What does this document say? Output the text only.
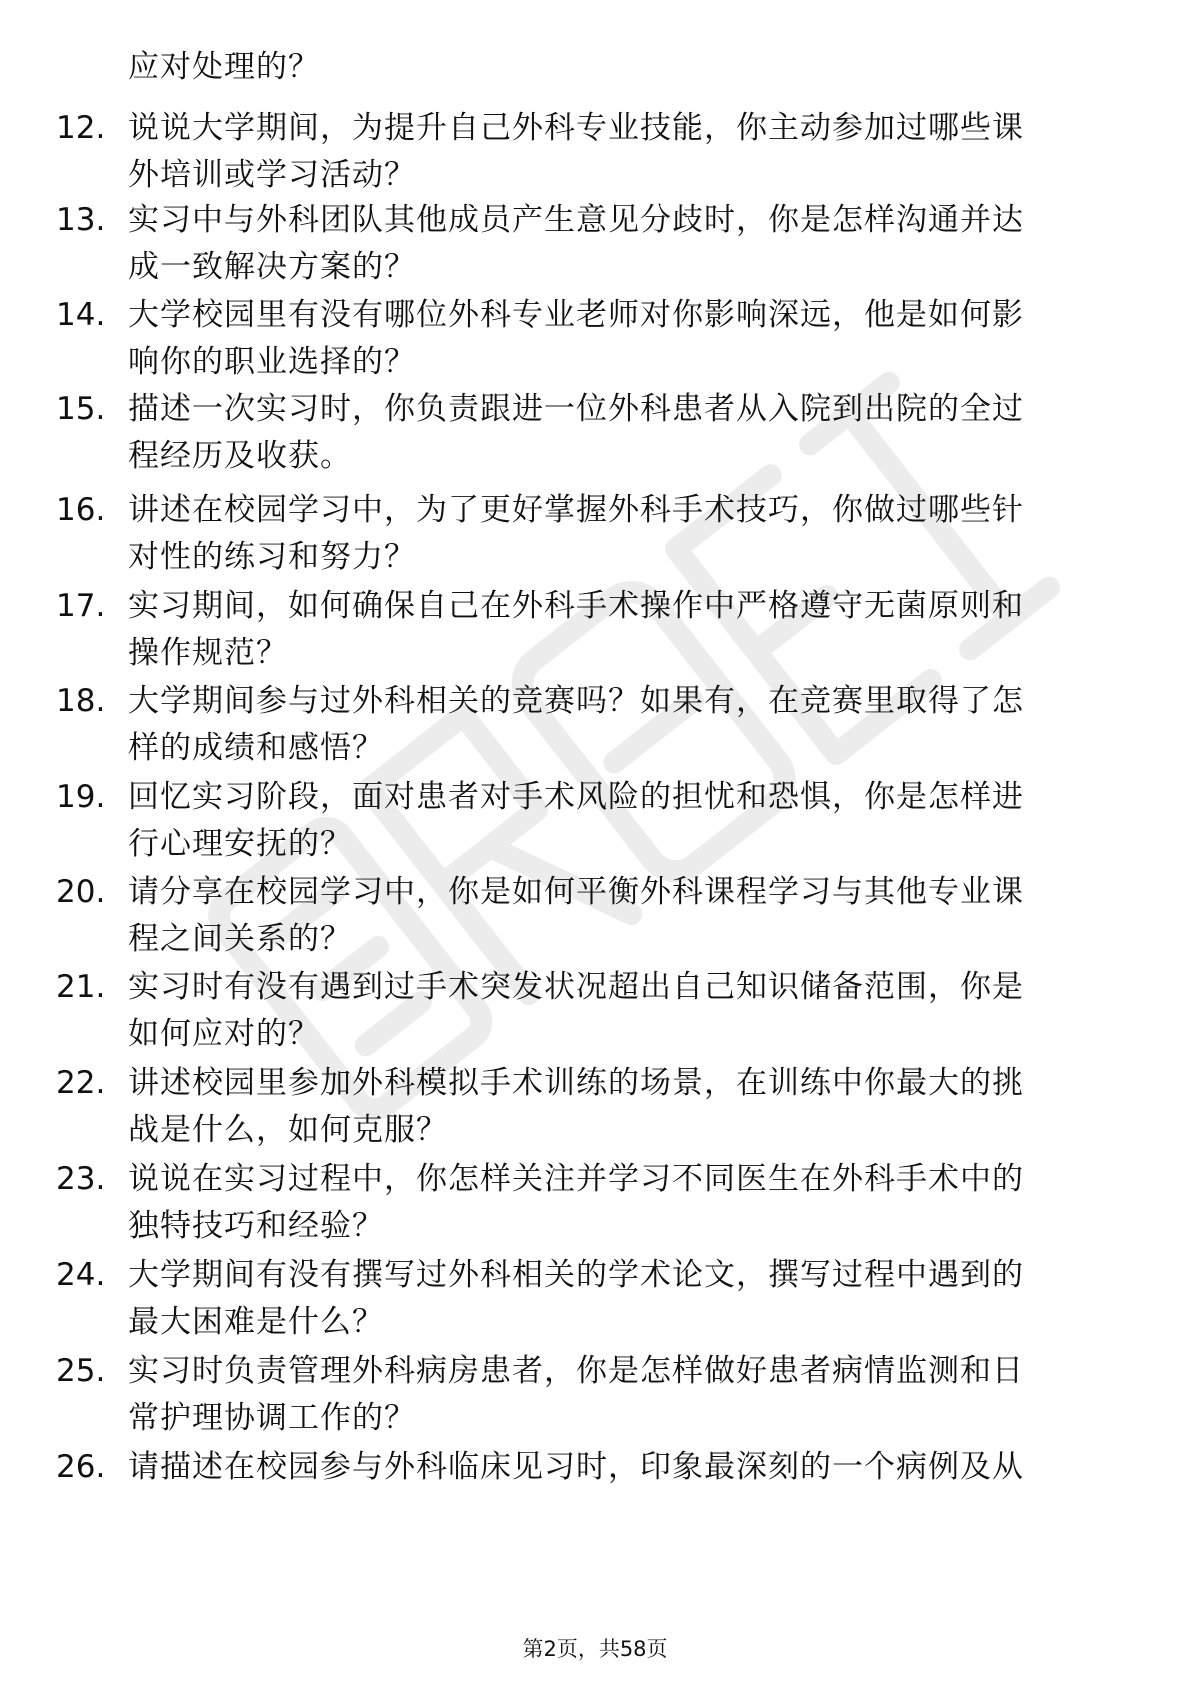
应对处理的？
12. 说说大学期间，为提升自己外科专业技能，你主动参加过哪些课
外培训或学习活动？
13. 实习中与外科团队其他成员产生意见分歧时，你是怎样沟通并达
成一致解决方案的？
14. 大学校园里有没有哪位外科专业老师对你影响深远，他是如何影
响你的职业选择的？
15. 描述一次实习时，你负责跟进一位外科患者从入院到出院的全过
程经历及收获。
16. 讲述在校园学习中，为了更好掌握外科手术技巧，你做过哪些针
对性的练习和努力？
17. 实习期间，如何确保自己在外科手术操作中严格遵守无菌原则和
操作规范？
18. 大学期间参与过外科相关的竞赛吗？如果有，在竞赛里取得了怎
样的成绩和感悟？
19. 回忆实习阶段，面对患者对手术风险的担忧和恐惧，你是怎样进
行心理安抚的？
20. 请分享在校园学习中，你是如何平衡外科课程学习与其他专业课
程之间关系的？
21. 实习时有没有遇到过手术突发状况超出自己知识储备范围，你是
如何应对的？
22. 讲述校园里参加外科模拟手术训练的场景，在训练中你最大的挑
战是什么，如何克服？
23. 说说在实习过程中，你怎样关注并学习不同医生在外科手术中的
独特技巧和经验？
24. 大学期间有没有撰写过外科相关的学术论文，撰写过程中遇到的
最大困难是什么？
25. 实习时负责管理外科病房患者，你是怎样做好患者病情监测和日
常护理协调工作的？
26. 请描述在校园参与外科临床见习时，印象最深刻的一个病例及从
第2页，共58页
